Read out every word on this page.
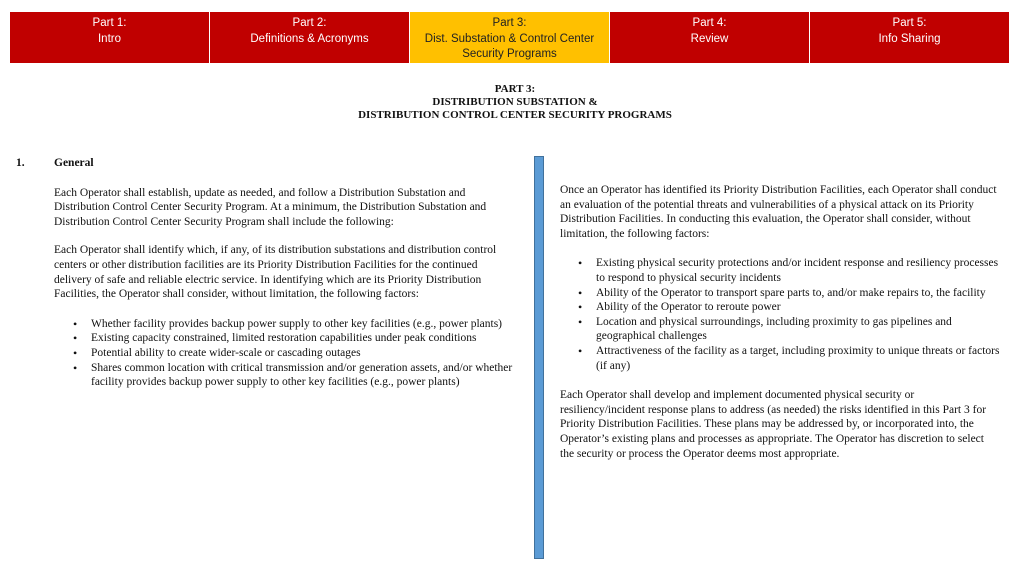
Part 1:
Intro
Part 2:
Definitions & Acronyms
Part 3:
Dist. Substation & Control Center
Security Programs
Part 4:
Review
Part 5:
Info Sharing
PART 3:
DISTRIBUTION SUBSTATION &
DISTRIBUTION CONTROL CENTER SECURITY PROGRAMS
1.	General

Each Operator shall establish, update as needed, and follow a Distribution Substation and Distribution Control Center Security Program. At a minimum, the Distribution Substation and Distribution Control Center Security Program shall include the following:

Each Operator shall identify which, if any, of its distribution substations and distribution control centers or other distribution facilities are its Priority Distribution Facilities for the continued delivery of safe and reliable electric service. In identifying which are its Priority Distribution Facilities, the Operator shall consider, without limitation, the following factors:

• Whether facility provides backup power supply to other key facilities (e.g., power plants)
• Existing capacity constrained, limited restoration capabilities under peak conditions
• Potential ability to create wider-scale or cascading outages
• Shares common location with critical transmission and/or generation assets, and/or whether facility provides backup power supply to other key facilities (e.g., power plants)

Once an Operator has identified its Priority Distribution Facilities, each Operator shall conduct an evaluation of the potential threats and vulnerabilities of a physical attack on its Priority Distribution Facilities. In conducting this evaluation, the Operator shall consider, without limitation, the following factors:

• Existing physical security protections and/or incident response and resiliency processes to respond to physical security incidents
• Ability of the Operator to transport spare parts to, and/or make repairs to, the facility
• Ability of the Operator to reroute power
• Location and physical surroundings, including proximity to gas pipelines and geographical challenges
• Attractiveness of the facility as a target, including proximity to unique threats or factors (if any)

Each Operator shall develop and implement documented physical security or resiliency/incident response plans to address (as needed) the risks identified in this Part 3 for Priority Distribution Facilities. These plans may be addressed by, or incorporated into, the Operator’s existing plans and processes as appropriate. The Operator has discretion to select the security or process the Operator deems most appropriate.
